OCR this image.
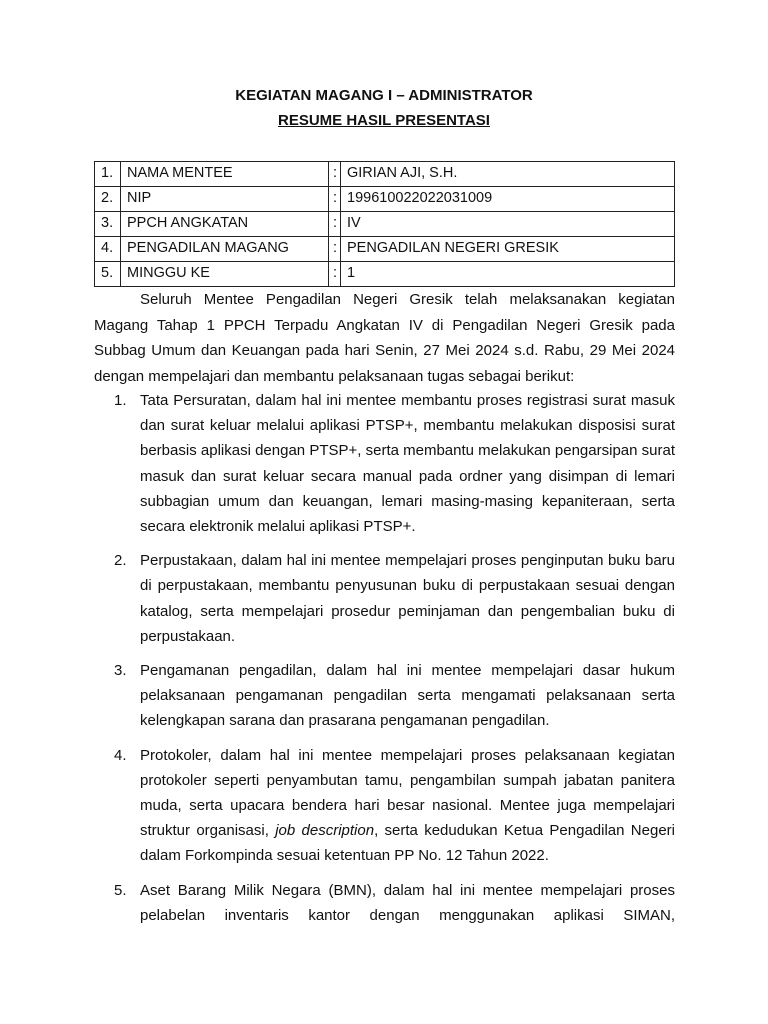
KEGIATAN MAGANG I – ADMINISTRATOR
RESUME HASIL PRESENTASI
1.	NAMA MENTEE	:	GIRIAN AJI, S.H.
2.	NIP	:	199610022022031009
3.	PPCH ANGKATAN	:	IV
4.	PENGADILAN MAGANG	:	PENGADILAN NEGERI GRESIK
5.	MINGGU KE	:	1
Seluruh Mentee Pengadilan Negeri Gresik telah melaksanakan kegiatan Magang Tahap 1 PPCH Terpadu Angkatan IV di Pengadilan Negeri Gresik pada Subbag Umum dan Keuangan pada hari Senin, 27 Mei 2024 s.d. Rabu, 29 Mei 2024 dengan mempelajari dan membantu pelaksanaan tugas sebagai berikut:
1. Tata Persuratan, dalam hal ini mentee membantu proses registrasi surat masuk dan surat keluar melalui aplikasi PTSP+, membantu melakukan disposisi surat berbasis aplikasi dengan PTSP+, serta membantu melakukan pengarsipan surat masuk dan surat keluar secara manual pada ordner yang disimpan di lemari subbagian umum dan keuangan, lemari masing-masing kepaniteraan, serta secara elektronik melalui aplikasi PTSP+.
2. Perpustakaan, dalam hal ini mentee mempelajari proses penginputan buku baru di perpustakaan, membantu penyusunan buku di perpustakaan sesuai dengan katalog, serta mempelajari prosedur peminjaman dan pengembalian buku di perpustakaan.
3. Pengamanan pengadilan, dalam hal ini mentee mempelajari dasar hukum pelaksanaan pengamanan pengadilan serta mengamati pelaksanaan serta kelengkapan sarana dan prasarana pengamanan pengadilan.
4. Protokoler, dalam hal ini mentee mempelajari proses pelaksanaan kegiatan protokoler seperti penyambutan tamu, pengambilan sumpah jabatan panitera muda, serta upacara bendera hari besar nasional. Mentee juga mempelajari struktur organisasi, job description, serta kedudukan Ketua Pengadilan Negeri dalam Forkompinda sesuai ketentuan PP No. 12 Tahun 2022.
5. Aset Barang Milik Negara (BMN), dalam hal ini mentee mempelajari proses pelabelan inventaris kantor dengan menggunakan aplikasi SIMAN,
